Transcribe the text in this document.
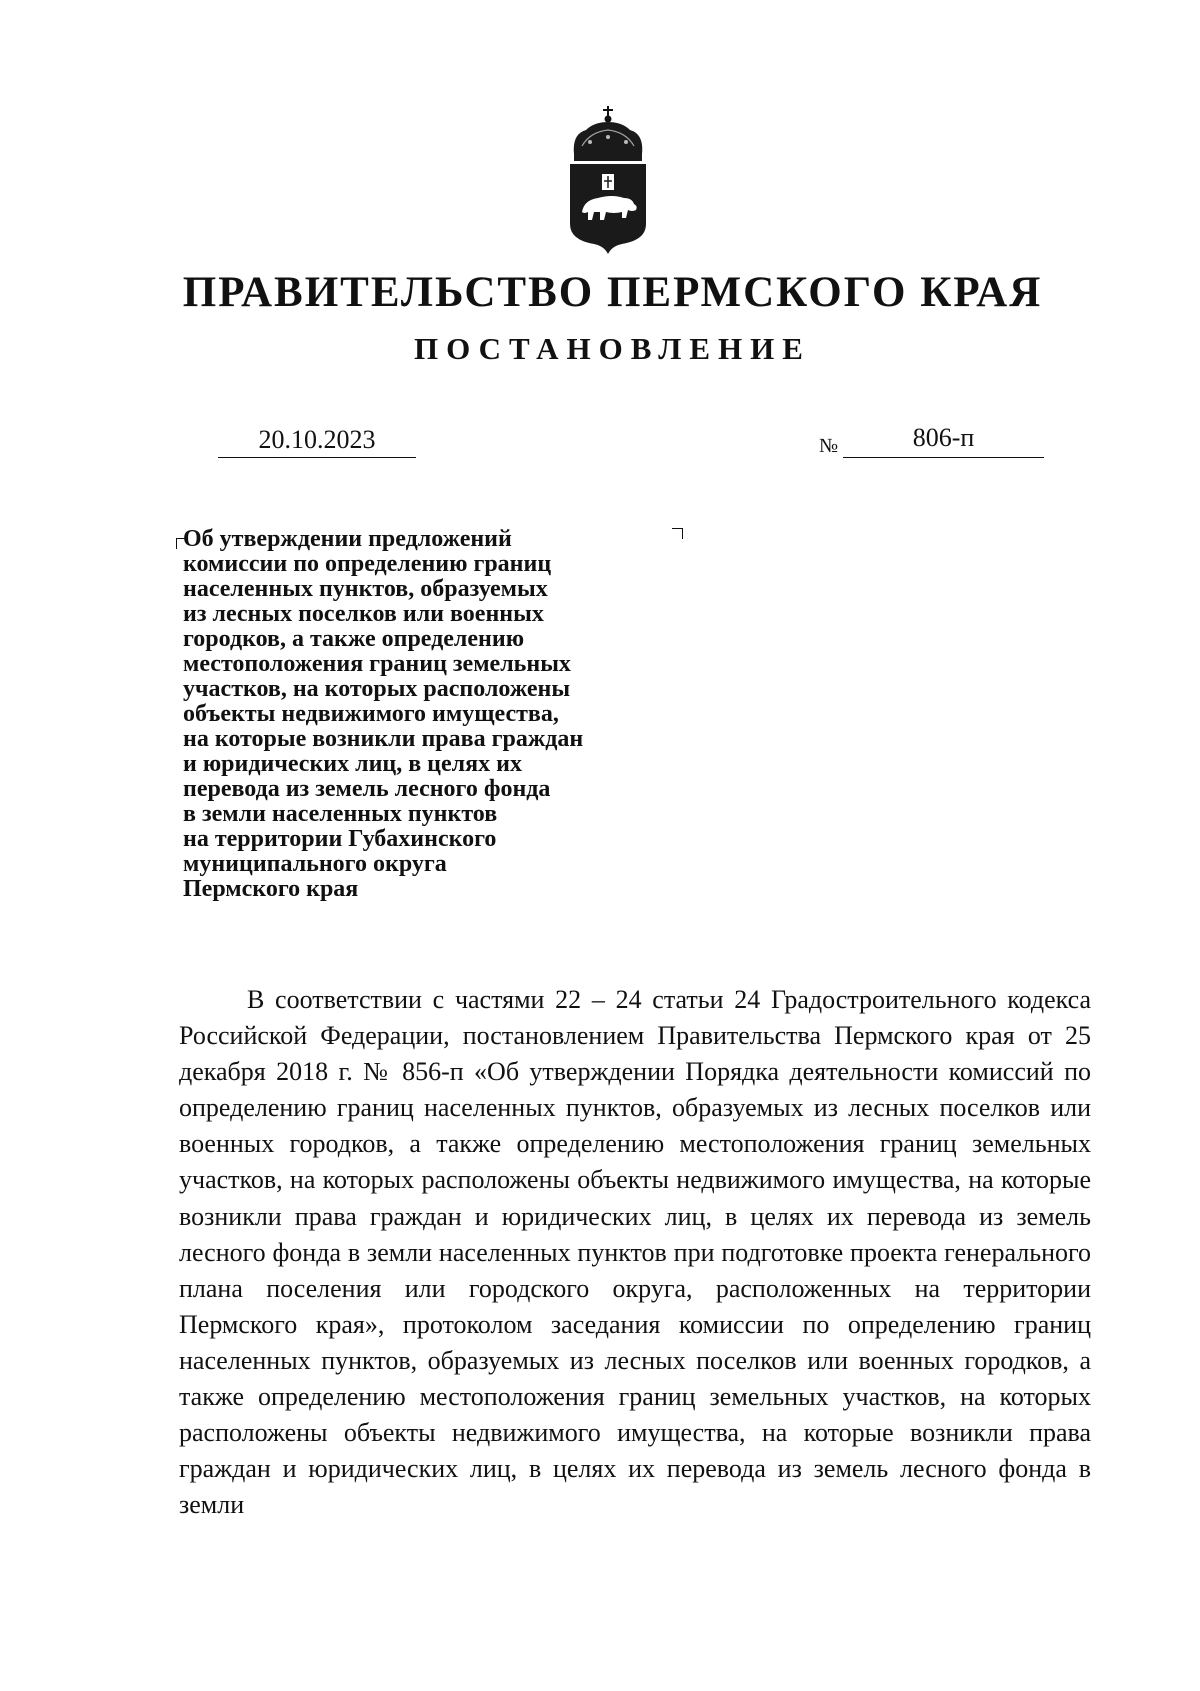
ПРАВИТЕЛЬСТВО ПЕРМСКОГО КРАЯ
ПОСТАНОВЛЕНИЕ
20.10.2023	№	806-п

Об утверждении предложений
комиссии по определению границ
населенных пунктов, образуемых
из лесных поселков или военных
городков, а также определению
местоположения границ земельных
участков, на которых расположены
объекты недвижимого имущества,
на которые возникли права граждан
и юридических лиц, в целях их
перевода из земель лесного фонда
в земли населенных пунктов
на территории Губахинского
муниципального округа
Пермского края

В соответствии с частями 22 – 24 статьи 24 Градостроительного кодекса Российской Федерации, постановлением Правительства Пермского края от 25 декабря 2018 г. № 856-п «Об утверждении Порядка деятельности комиссий по определению границ населенных пунктов, образуемых из лесных поселков или военных городков, а также определению местоположения границ земельных участков, на которых расположены объекты недвижимого имущества, на которые возникли права граждан и юридических лиц, в целях их перевода из земель лесного фонда в земли населенных пунктов при подготовке проекта генерального плана поселения или городского округа, расположенных на территории Пермского края», протоколом заседания комиссии по определению границ населенных пунктов, образуемых из лесных поселков или военных городков, а также определению местоположения границ земельных участков, на которых расположены объекты недвижимого имущества, на которые возникли права граждан и юридических лиц, в целях их перевода из земель лесного фонда в земли
